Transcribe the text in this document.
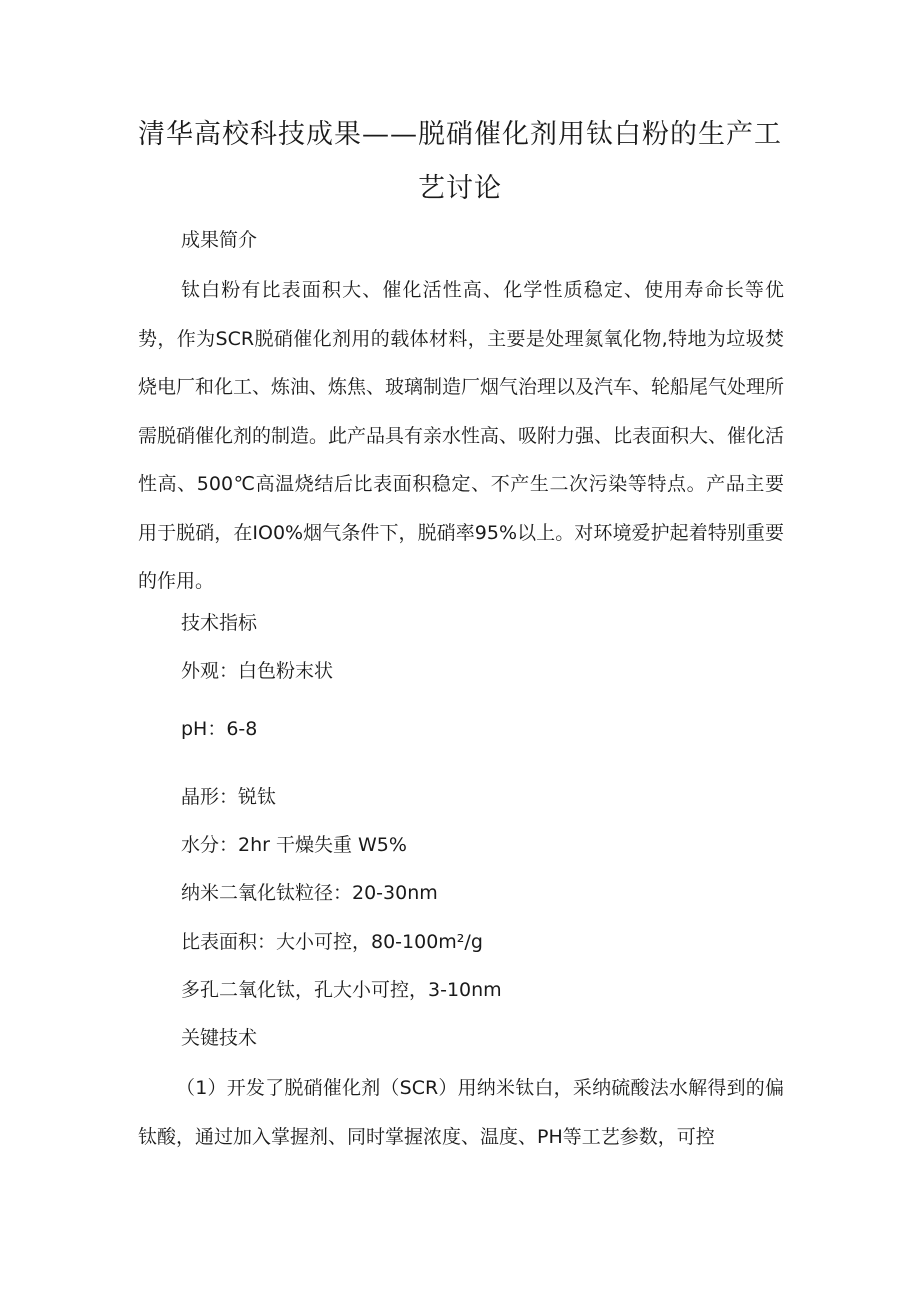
清华高校科技成果——脱硝催化剂用钛白粉的生产工艺讨论

成果简介

钛白粉有比表面积大、催化活性高、化学性质稳定、使用寿命长等优势，作为SCR脱硝催化剂用的载体材料，主要是处理氮氧化物,特地为垃圾焚烧电厂和化工、炼油、炼焦、玻璃制造厂烟气治理以及汽车、轮船尾气处理所需脱硝催化剂的制造。此产品具有亲水性高、吸附力强、比表面积大、催化活性高、500℃高温烧结后比表面积稳定、不产生二次污染等特点。产品主要用于脱硝，在IO0%烟气条件下，脱硝率95%以上。对环境爱护起着特别重要的作用。

技术指标

外观：白色粉末状

pH：6-8

晶形：锐钛

水分：2hr 干燥失重 W5%

纳米二氧化钛粒径：20-30nm

比表面积：大小可控，80-100m²/g

多孔二氧化钛，孔大小可控，3-10nm

关键技术

（1）开发了脱硝催化剂（SCR）用纳米钛白，采纳硫酸法水解得到的偏钛酸，通过加入掌握剂、同时掌握浓度、温度、PH等工艺参数，可控
